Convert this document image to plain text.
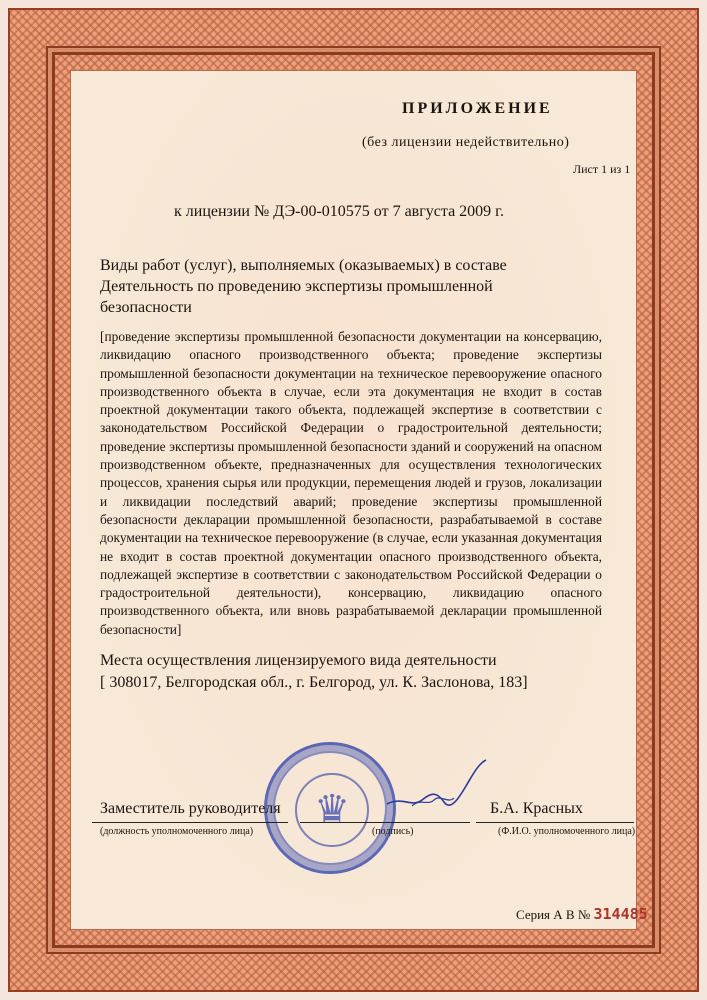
ПРИЛОЖЕНИЕ
(без лицензии недействительно)
Лист 1 из 1
к лицензии № ДЭ-00-010575 от 7 августа 2009 г.
Виды работ (услуг), выполняемых (оказываемых) в составе Деятельность по проведению экспертизы промышленной безопасности
[проведение экспертизы промышленной безопасности документации на консервацию, ликвидацию опасного производственного объекта; проведение экспертизы промышленной безопасности документации на техническое перевооружение опасного производственного объекта в случае, если эта документация не входит в состав проектной документации такого объекта, подлежащей экспертизе в соответствии с законодательством Российской Федерации о градостроительной деятельности; проведение экспертизы промышленной безопасности зданий и сооружений на опасном производственном объекте, предназначенных для осуществления технологических процессов, хранения сырья или продукции, перемещения людей и грузов, локализации и ликвидации последствий аварий; проведение экспертизы промышленной безопасности декларации промышленной безопасности, разрабатываемой в составе документации на техническое перевооружение (в случае, если указанная документация не входит в состав проектной документации опасного производственного объекта, подлежащей экспертизе в соответствии с законодательством Российской Федерации о градостроительной деятельности), консервацию, ликвидацию опасного производственного объекта, или вновь разрабатываемой декларации промышленной безопасности]
Места осуществления лицензируемого вида деятельности
[ 308017, Белгородская обл., г. Белгород, ул. К. Заслонова, 183]
♛
Заместитель руководителя
(должность уполномоченного лица)	(подпись)
Б.А. Красных
(Ф.И.О. уполномоченного лица)
Серия А В № 314485
